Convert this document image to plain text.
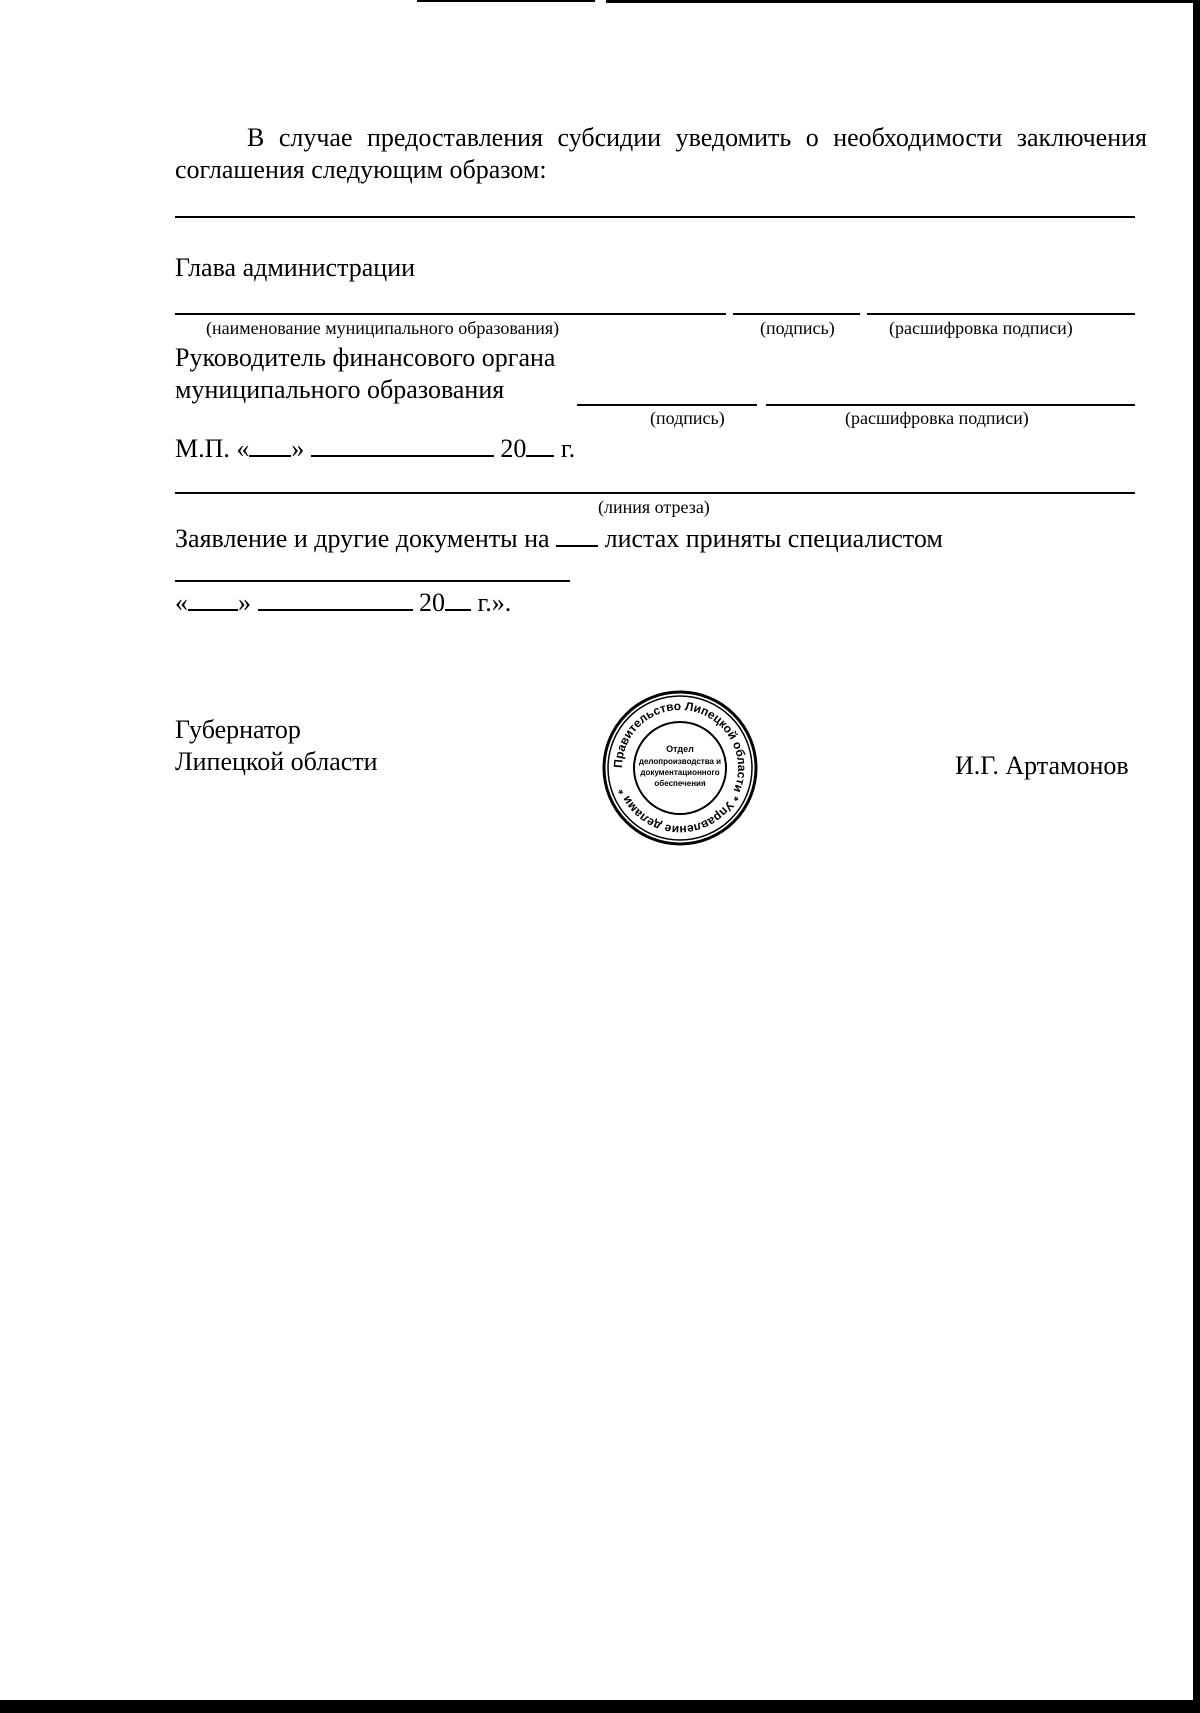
В случае предоставления субсидии уведомить о необходимости заключения соглашения следующим образом:
Глава администрации
(наименование муниципального образования)	(подпись)	(расшифровка подписи)
Руководитель финансового органа
муниципального образования
(подпись)	(расшифровка подписи)
М.П. « »	20 г.
(линия отреза)
Заявление и другие документы на листах приняты специалистом
« »	20 г.».
Губернатор
Липецкой области	И.Г. Артамонов
Правительство Липецкой области * Управление делами *
Отдел
делопроизводства и
документационного
обеспечения
